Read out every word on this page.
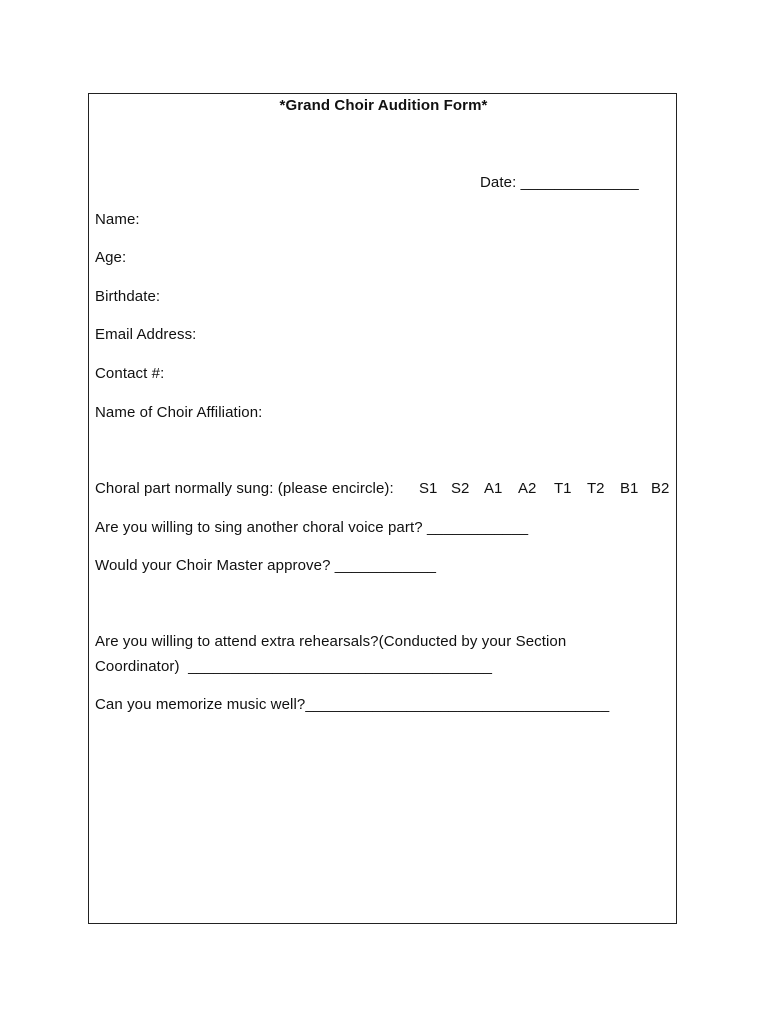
*Grand Choir Audition Form*
Date: ______________
Name:
Age:
Birthdate:
Email Address:
Contact #:
Name of Choir Affiliation:
Choral part normally sung: (please encircle): S1 S2 A1 A2 T1 T2 B1 B2
Are you willing to sing another choral voice part? ____________
Would your Choir Master approve? ____________
Are you willing to attend extra rehearsals?(Conducted by your Section
Coordinator)  ____________________________________
Can you memorize music well?____________________________________
